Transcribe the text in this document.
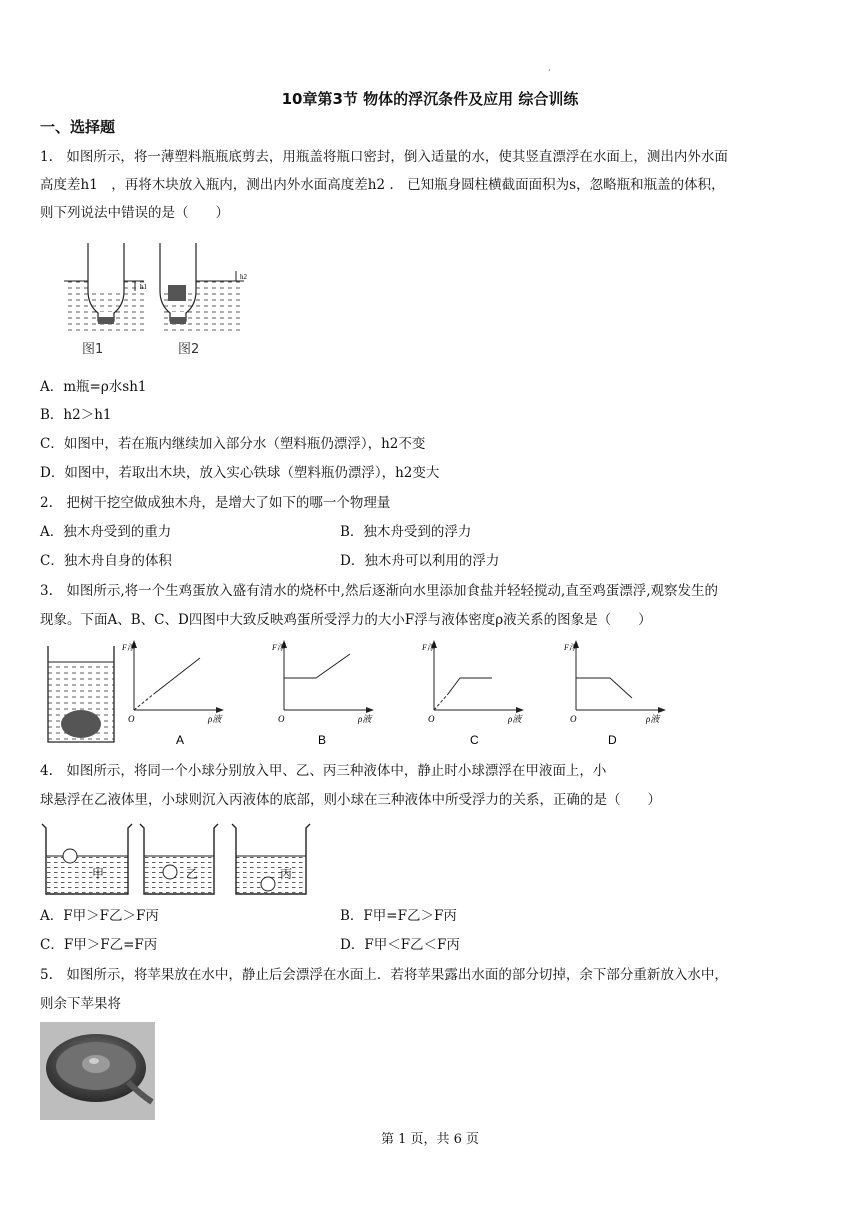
·
10章第3节 物体的浮沉条件及应用 综合训练
一、选择题
1.　如图所示，将一薄塑料瓶瓶底剪去，用瓶盖将瓶口密封，倒入适量的水，使其竖直漂浮在水面上，测出内外水面
高度差h1　，再将木块放入瓶内，测出内外水面高度差h2 .　已知瓶身圆柱横截面面积为s，忽略瓶和瓶盖的体积，
则下列说法中错误的是（　　）
h1
图1
h2
图2
A．m瓶=ρ水sh1
B．h2＞h1
C．如图中，若在瓶内继续加入部分水（塑料瓶仍漂浮），h2不变
D．如图中，若取出木块，放入实心铁球（塑料瓶仍漂浮），h2变大
2.　把树干挖空做成独木舟，是增大了如下的哪一个物理量
A．独木舟受到的重力	B．独木舟受到的浮力
C．独木舟自身的体积	D．独木舟可以利用的浮力
3.　如图所示,将一个生鸡蛋放入盛有清水的烧杯中,然后逐渐向水里添加食盐并轻轻搅动,直至鸡蛋漂浮,观察发生的
现象。下面A、B、C、D四图中大致反映鸡蛋所受浮力的大小F浮与液体密度ρ液关系的图象是（　　）
F浮
O	ρ液
A
F浮
O	ρ液
B
F浮
O	ρ液
C
F浮
O	ρ液
D
4.　如图所示，将同一个小球分别放入甲、乙、丙三种液体中，静止时小球漂浮在甲液面上，小
球悬浮在乙液体里，小球则沉入丙液体的底部，则小球在三种液体中所受浮力的关系，正确的是（　　）
甲	乙	丙
A．F甲＞F乙＞F丙	B．F甲=F乙＞F丙
C．F甲＞F乙=F丙	D．F甲＜F乙＜F丙
5.　如图所示，将苹果放在水中，静止后会漂浮在水面上．若将苹果露出水面的部分切掉，余下部分重新放入水中，
则余下苹果将
第 1 页，共 6 页
